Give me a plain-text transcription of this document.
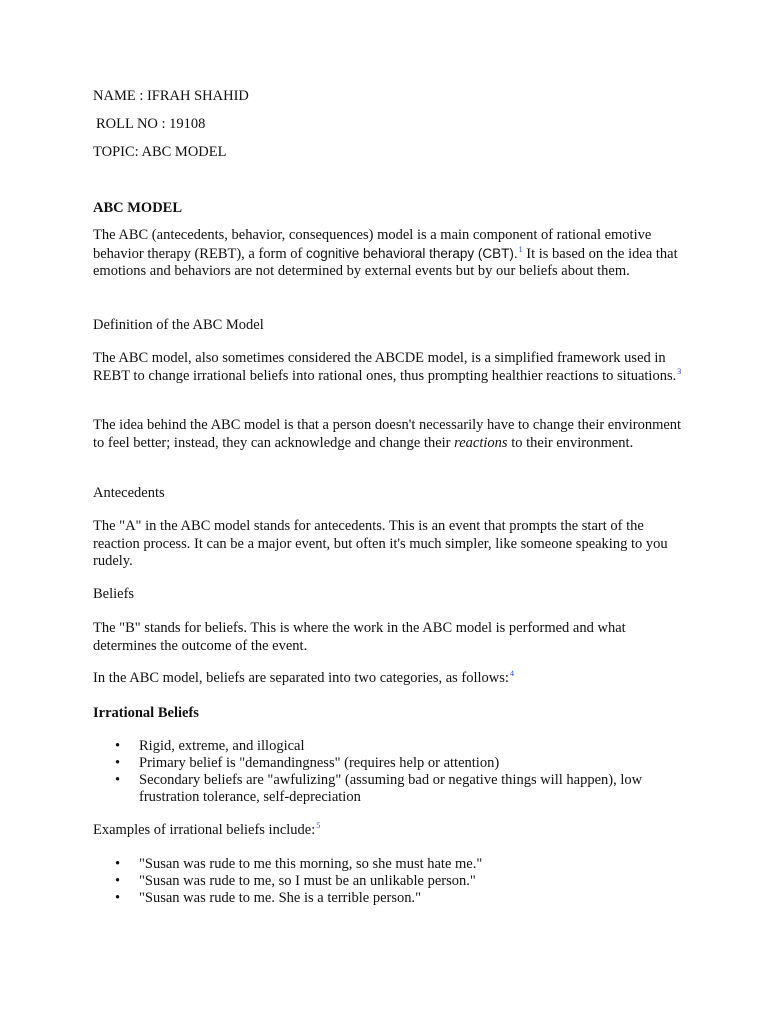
NAME : IFRAH SHAHID
ROLL NO : 19108
TOPIC: ABC MODEL
ABC MODEL

The ABC (antecedents, behavior, consequences) model is a main component of rational emotive behavior therapy (REBT), a form of cognitive behavioral therapy (CBT).$^1$ It is based on the idea that emotions and behaviors are not determined by external events but by our beliefs about them.

Definition of the ABC Model

The ABC model, also sometimes considered the ABCDE model, is a simplified framework used in REBT to change irrational beliefs into rational ones, thus prompting healthier reactions to situations.$^3$

The idea behind the ABC model is that a person doesn't necessarily have to change their environment to feel better; instead, they can acknowledge and change their reactions to their environment.

Antecedents

The "A" in the ABC model stands for antecedents. This is an event that prompts the start of the reaction process. It can be a major event, but often it's much simpler, like someone speaking to you rudely.

Beliefs

The "B" stands for beliefs. This is where the work in the ABC model is performed and what determines the outcome of the event.

In the ABC model, beliefs are separated into two categories, as follows:$^4$

Irrational Beliefs
• Rigid, extreme, and illogical
• Primary belief is "demandingness" (requires help or attention)
• Secondary beliefs are "awfulizing" (assuming bad or negative things will happen), low frustration tolerance, self-depreciation

Examples of irrational beliefs include:$^5$

• "Susan was rude to me this morning, so she must hate me."
• "Susan was rude to me, so I must be an unlikable person."
• "Susan was rude to me. She is a terrible person."
